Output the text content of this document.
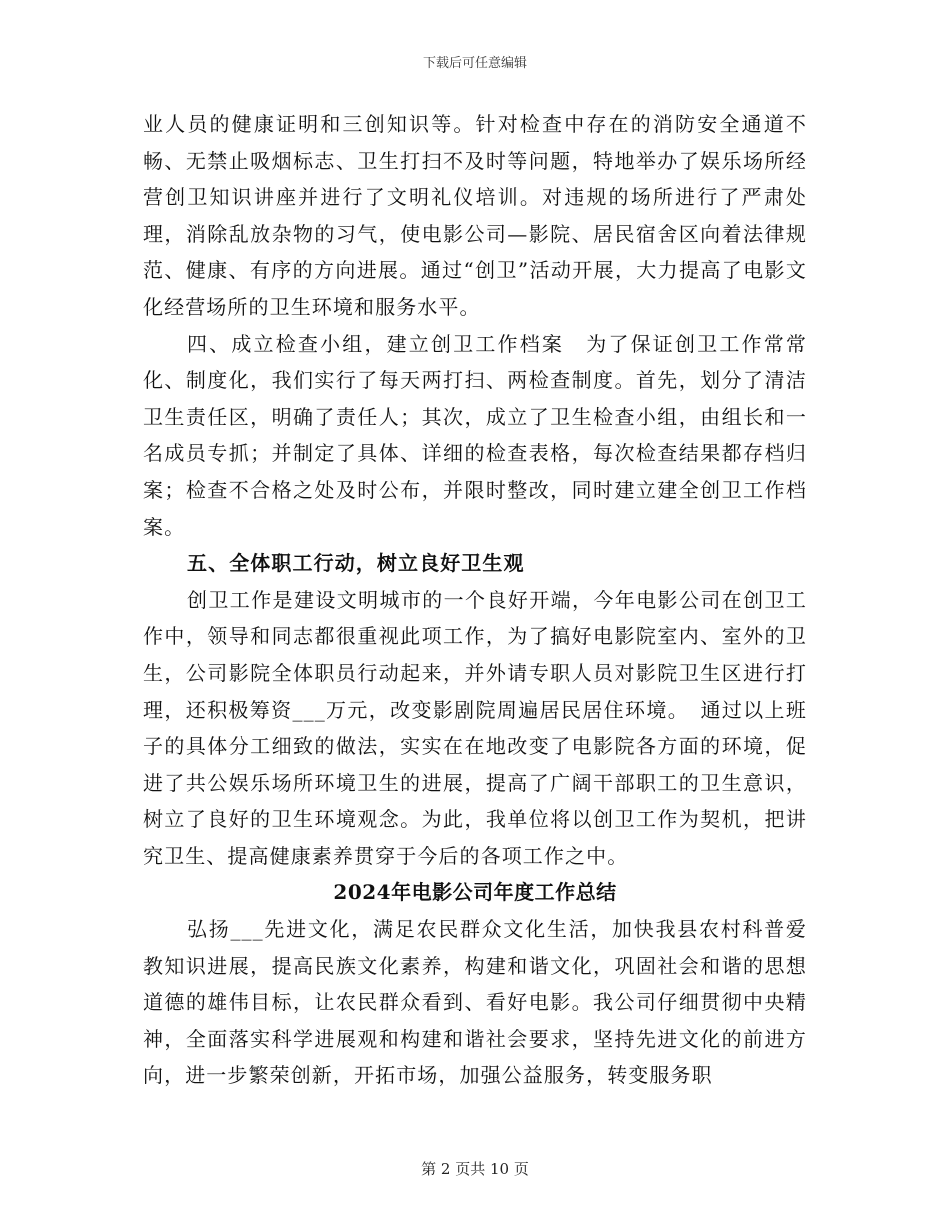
下载后可任意编辑

业人员的健康证明和三创知识等。针对检查中存在的消防安全通道不畅、无禁止吸烟标志、卫生打扫不及时等问题，特地举办了娱乐场所经营创卫知识讲座并进行了文明礼仪培训。对违规的场所进行了严肃处理，消除乱放杂物的习气，使电影公司—影院、居民宿舍区向着法律规范、健康、有序的方向进展。通过“创卫”活动开展，大力提高了电影文化经营场所的卫生环境和服务水平。

四、成立检查小组，建立创卫工作档案　为了保证创卫工作常常化、制度化，我们实行了每天两打扫、两检查制度。首先，划分了清洁卫生责任区，明确了责任人；其次，成立了卫生检查小组，由组长和一名成员专抓；并制定了具体、详细的检查表格，每次检查结果都存档归案；检查不合格之处及时公布，并限时整改，同时建立建全创卫工作档案。

五、全体职工行动，树立良好卫生观

创卫工作是建设文明城市的一个良好开端，今年电影公司在创卫工作中，领导和同志都很重视此项工作，为了搞好电影院室内、室外的卫生，公司影院全体职员行动起来，并外请专职人员对影院卫生区进行打理，还积极筹资___万元，改变影剧院周遍居民居住环境。　通过以上班子的具体分工细致的做法，实实在在地改变了电影院各方面的环境，促进了共公娱乐场所环境卫生的进展，提高了广阔干部职工的卫生意识，树立了良好的卫生环境观念。为此，我单位将以创卫工作为契机，把讲究卫生、提高健康素养贯穿于今后的各项工作之中。

2024年电影公司年度工作总结

弘扬___先进文化，满足农民群众文化生活，加快我县农村科普爱教知识进展，提高民族文化素养，构建和谐文化，巩固社会和谐的思想道德的雄伟目标，让农民群众看到、看好电影。我公司仔细贯彻中央精神，全面落实科学进展观和构建和谐社会要求，坚持先进文化的前进方向，进一步繁荣创新，开拓市场，加强公益服务，转变服务职

第 2 页共 10 页
